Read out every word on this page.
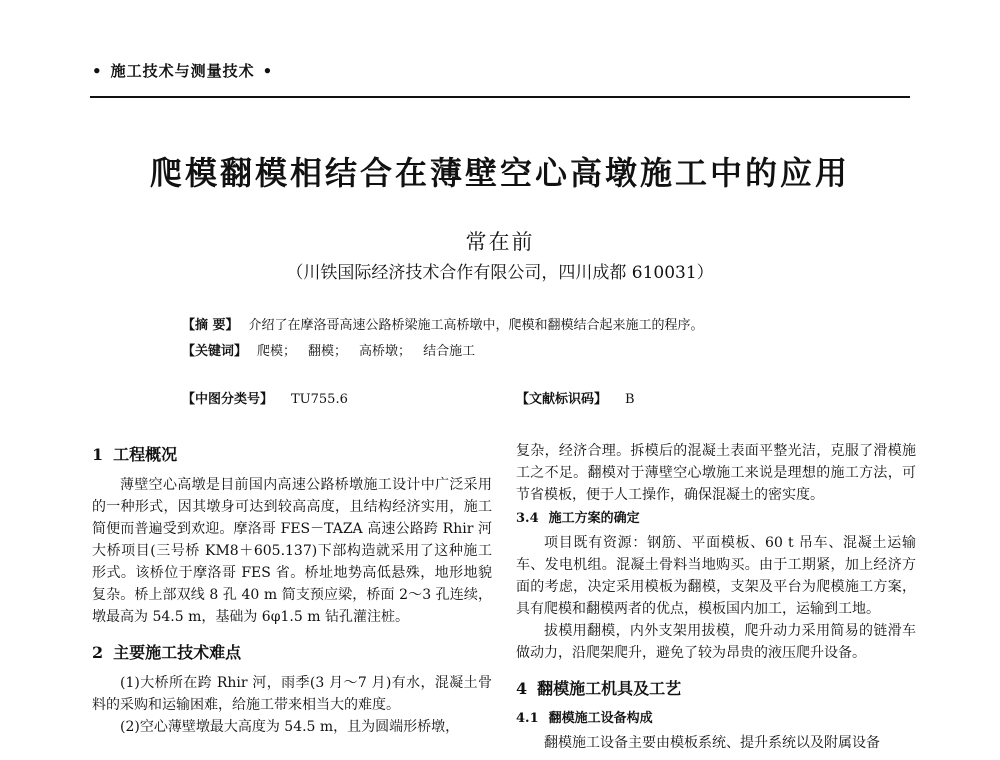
• 施工技术与测量技术 •
爬模翻模相结合在薄壁空心高墩施工中的应用
常在前
（川铁国际经济技术合作有限公司，四川成都 610031）
【摘 要】 介绍了在摩洛哥高速公路桥梁施工高桥墩中，爬模和翻模结合起来施工的程序。
【关键词】 爬模； 翻模； 高桥墩； 结合施工
【中图分类号】 TU755.6	【文献标识码】 B
1 工程概况

薄壁空心高墩是目前国内高速公路桥墩施工设计中广泛采用的一种形式，因其墩身可达到较高高度，且结构经济实用，施工简便而普遍受到欢迎。摩洛哥 FES－TAZA 高速公路跨 Rhir 河大桥项目(三号桥 KM8＋605.137)下部构造就采用了这种施工形式。该桥位于摩洛哥 FES 省。桥址地势高低悬殊，地形地貌复杂。桥上部双线 8 孔 40 m 简支预应梁，桥面 2～3 孔连续，墩最高为 54.5 m，基础为 6φ1.5 m 钻孔灌注桩。

2 主要施工技术难点

(1)大桥所在跨 Rhir 河，雨季(3 月～7 月)有水，混凝土骨料的采购和运输困难，给施工带来相当大的难度。

(2)空心薄壁墩最大高度为 54.5 m，且为圆端形桥墩，

复杂，经济合理。拆模后的混凝土表面平整光洁，克服了滑模施工之不足。翻模对于薄壁空心墩施工来说是理想的施工方法，可节省模板，便于人工操作，确保混凝土的密实度。

3.4 施工方案的确定

项目既有资源：钢筋、平面模板、60 t 吊车、混凝土运输车、发电机组。混凝土骨料当地购买。由于工期紧，加上经济方面的考虑，决定采用模板为翻模，支架及平台为爬模施工方案，具有爬模和翻模两者的优点，模板国内加工，运输到工地。

拔模用翻模，内外支架用拔模，爬升动力采用简易的链滑车做动力，沿爬架爬升，避免了较为昂贵的液压爬升设备。

4 翻模施工机具及工艺
4.1 翻模施工设备构成

翻模施工设备主要由模板系统、提升系统以及附属设备
